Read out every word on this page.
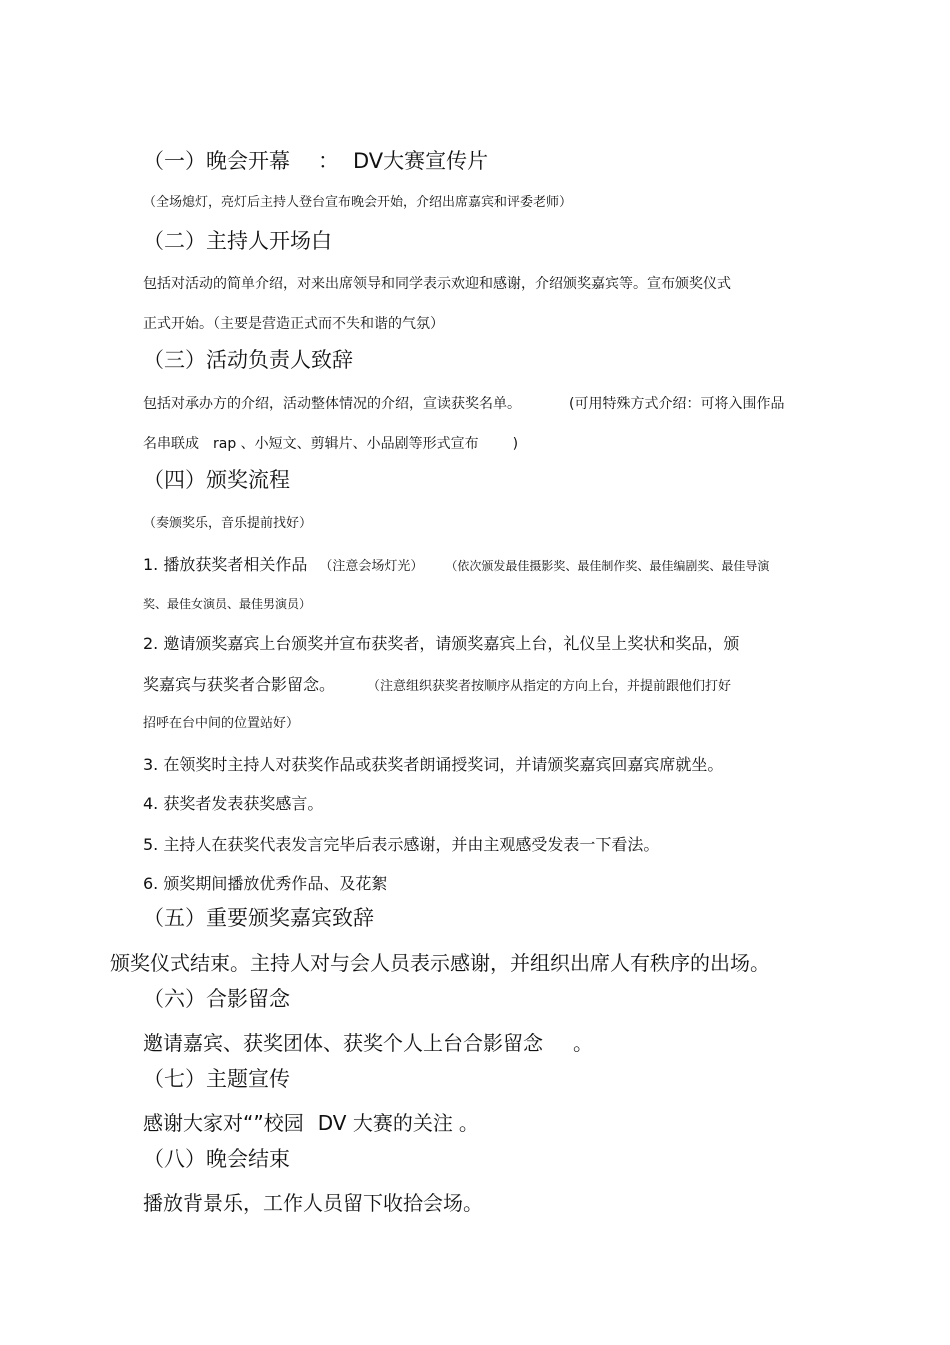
（一）晚会开幕 ： DV大赛宣传片
（全场熄灯，亮灯后主持人登台宣布晚会开始，介绍出席嘉宾和评委老师）
（二）主持人开场白
包括对活动的简单介绍，对来出席领导和同学表示欢迎和感谢，介绍颁奖嘉宾等。宣布颁奖仪式
正式开始。（主要是营造正式而不失和谐的气氛）
（三）活动负责人致辞
包括对承办方的介绍，活动整体情况的介绍，宣读获奖名单。	(可用特殊方式介绍：可将入围作品
名串联成 rap 、小短文、剪辑片、小品剧等形式宣布 )
（四）颁奖流程
（奏颁奖乐，音乐提前找好）
1. 播放获奖者相关作品 （注意会场灯光） （依次颁发最佳摄影奖、最佳制作奖、最佳编剧奖、最佳导演
奖、最佳女演员、最佳男演员）
2. 邀请颁奖嘉宾上台颁奖并宣布获奖者，请颁奖嘉宾上台，礼仪呈上奖状和奖品，颁
奖嘉宾与获奖者合影留念。 （注意组织获奖者按顺序从指定的方向上台，并提前跟他们打好
招呼在台中间的位置站好）
3. 在领奖时主持人对获奖作品或获奖者朗诵授奖词，并请颁奖嘉宾回嘉宾席就坐。
4. 获奖者发表获奖感言。
5. 主持人在获奖代表发言完毕后表示感谢，并由主观感受发表一下看法。
6. 颁奖期间播放优秀作品、及花絮
（五）重要颁奖嘉宾致辞
颁奖仪式结束。主持人对与会人员表示感谢，并组织出席人有秩序的出场。
（六）合影留念
邀请嘉宾、获奖团体、获奖个人上台合影留念 。
（七）主题宣传
感谢大家对“”校园 DV 大赛的关注 。
（八）晚会结束
播放背景乐，工作人员留下收拾会场。
